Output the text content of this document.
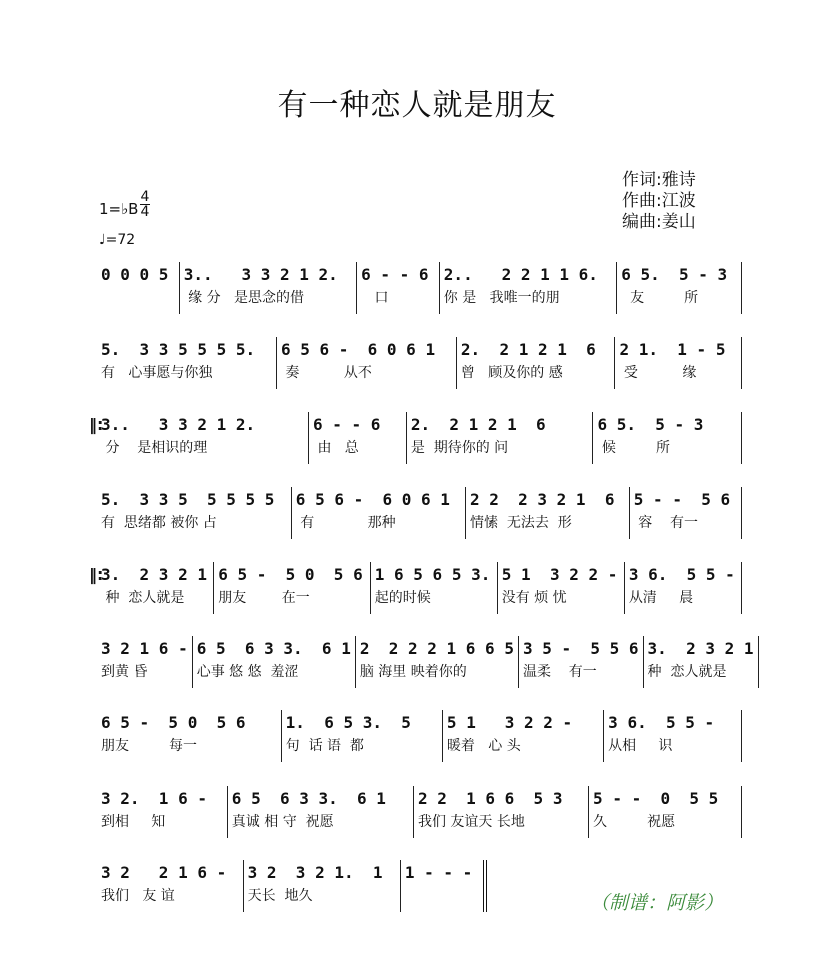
有一种恋人就是朋友
作词:雅诗
作曲:江波
编曲:姜山
1=♭B
4
4
♩=72
0 0 0 5 3..   3 3 2 1 2.
缘 分   是思念的借
6 - - 6
口
2..   2 2 1 1 6.
你 是   我唯一的朋
6 5.  5 - 3
友         所
5.  3 3 5 5 5 5.
有   心事愿与你独
6 5 6 -  6 0 6 1
奏          从不
2.  2 1 2 1  6
曾   顾及你的 感
2 1.  1 - 5
受          缘
‖:
3..   3 3 2 1 2.
分    是相识的理
6 - - 6
由   总
2.  2 1 2 1  6
是  期待你的 问
6 5.  5 - 3
候         所
5.  3 3 5  5 5 5 5
有  思绪都 被你 占
6 5 6 -  6 0 6 1
有            那种
2 2  2 3 2 1  6
情愫  无法去  形
5 - -  5 6
容    有一
‖:
3.  2 3 2 1
种  恋人就是
6 5 -  5 0  5 6
朋友        在一
1 6 5 6 5 3.
起的时候
5 1  3 2 2 -
没有 烦 忧
3 6.  5 5 -
从清     晨
3 2 1 6 -
到黄 昏
6 5  6 3 3.  6 1
心事 悠 悠  羞涩
2  2 2 2 1 6 6 5
脑 海里 映着你的
3 5 -  5 5 6
温柔    有一
3.  2 3 2 1
种  恋人就是
6 5 -  5 0  5 6
朋友         每一
1.  6 5 3.  5
句  话 语  都
5 1   3 2 2 -
暖着   心 头
3 6.  5 5 -
从相     识
3 2.  1 6 -
到相     知
6 5  6 3 3.  6 1
真诚 相 守  祝愿
2 2  1 6 6  5 3
我们 友谊天 长地
5 - -  0  5 5
久         祝愿
3 2   2 1 6 -
我们   友 谊
3 2  3 2 1.  1
天长  地久
1 - - -
（制谱：阿影）
